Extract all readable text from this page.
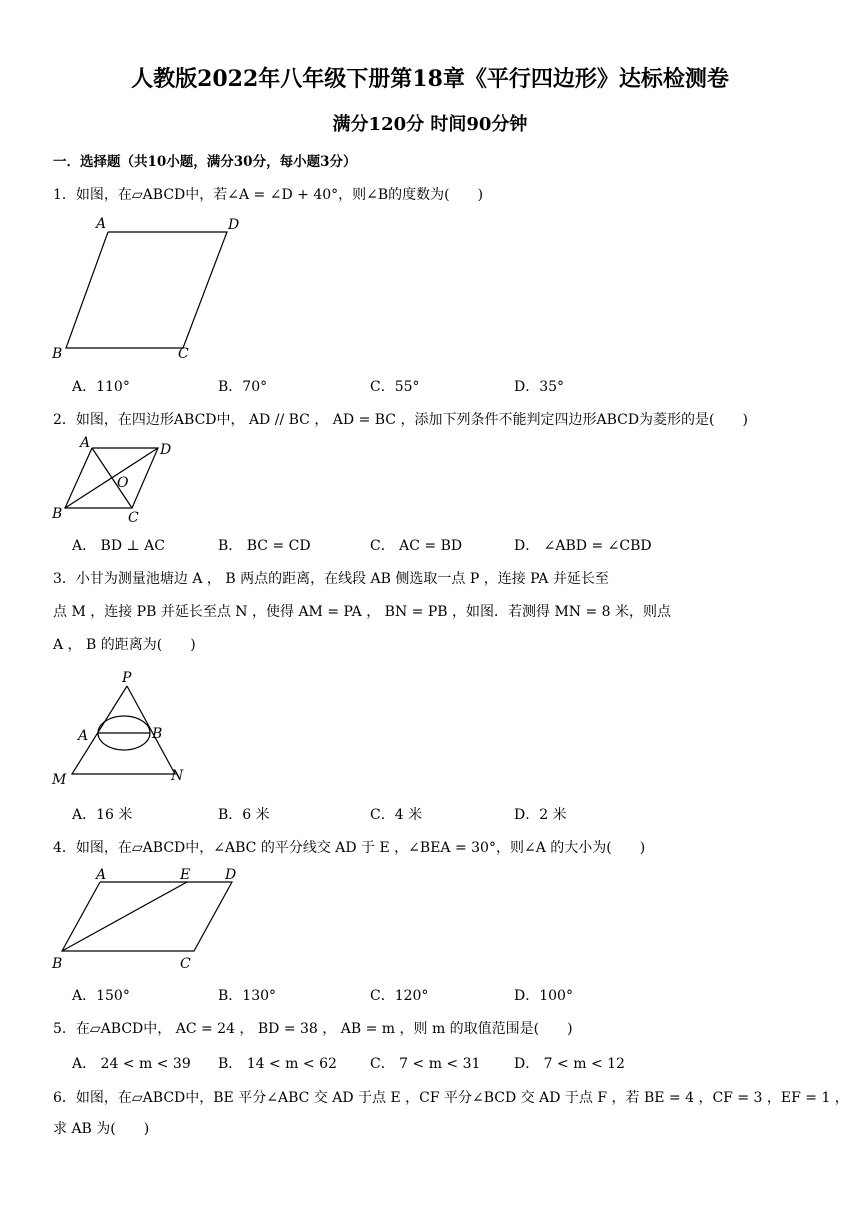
人教版2022年八年级下册第18章《平行四边形》达标检测卷
满分120分 时间90分钟
一．选择题（共10小题，满分30分，每小题3分）
1．如图，在▱ABCD中，若∠A = ∠D + 40°，则∠B的度数为(　　)
A	D
B	C
A．110°	B．70°	C．55°	D．35°
2．如图，在四边形ABCD中， AD // BC ， AD = BC ，添加下列条件不能判定四边形ABCD为菱形的是(　　)
A	D
O
B	C
A． BD ⊥ AC	B． BC = CD	C． AC = BD	D． ∠ABD = ∠CBD
3．小甘为测量池塘边 A ， B 两点的距离，在线段 AB 侧选取一点 P ，连接 PA 并延长至
点 M ，连接 PB 并延长至点 N ，使得 AM = PA ， BN = PB ，如图．若测得 MN = 8 米，则点
A ， B 的距离为(　　)
P
A	B
M	N
A．16 米	B．6 米	C．4 米	D．2 米
4．如图，在▱ABCD中，∠ABC 的平分线交 AD 于 E ，∠BEA = 30°，则∠A 的大小为(　　)
A	E D
B	C
A．150°	B．130°	C．120°	D．100°
5．在▱ABCD中， AC = 24 ， BD = 38 ， AB = m ，则 m 的取值范围是(　　)
A． 24 < m < 39 B． 14 < m < 62 C． 7 < m < 31 D． 7 < m < 12
6．如图，在▱ABCD中，BE 平分∠ABC 交 AD 于点 E ，CF 平分∠BCD 交 AD 于点 F ，若 BE = 4 ，CF = 3 ，EF = 1 ，
求 AB 为(　　)
